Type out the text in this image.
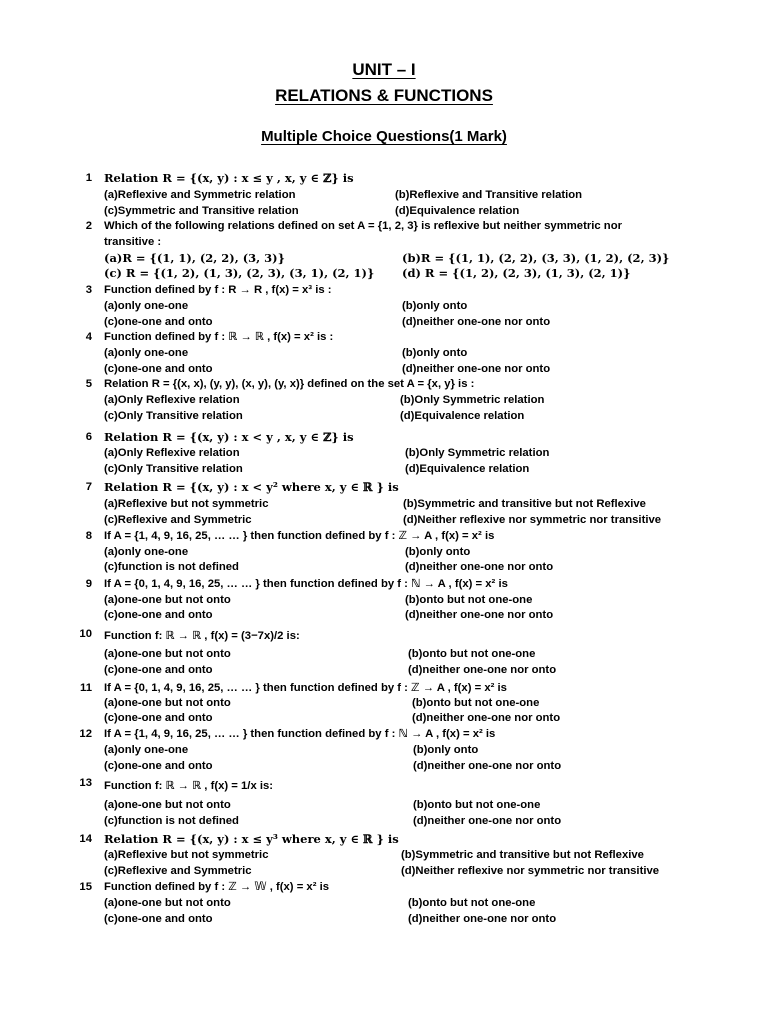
UNIT – I
RELATIONS & FUNCTIONS
Multiple Choice Questions(1 Mark)
1 Relation R = {(x, y) : x ≤ y , x, y ∈ ℤ} is
(a)Reflexive and Symmetric relation	(b)Reflexive and Transitive relation
(c)Symmetric and Transitive relation	(d)Equivalence relation
2 Which of the following relations defined on set A = {1, 2, 3} is reflexive but neither symmetric nor
transitive :
(a)R = {(1, 1), (2, 2), (3, 3)}	(b)R = {(1, 1), (2, 2), (3, 3), (1, 2), (2, 3)}
(c) R = {(1, 2), (1, 3), (2, 3), (3, 1), (2, 1)} (d) R = {(1, 2), (2, 3), (1, 3), (2, 1)}
3 Function defined by f : R → R , f(x) = x³ is :
(a)only one-one	(b)only onto
(c)one-one and onto	(d)neither one-one nor onto
4 Function defined by f : ℝ → ℝ , f(x) = x² is :
(a)only one-one	(b)only onto
(c)one-one and onto	(d)neither one-one nor onto
5 Relation R = {(x, x), (y, y), (x, y), (y, x)} defined on the set A = {x, y} is :
(a)Only Reflexive relation	(b)Only Symmetric relation
(c)Only Transitive relation	(d)Equivalence relation
6 Relation R = {(x, y) : x < y , x, y ∈ ℤ} is
(a)Only Reflexive relation	(b)Only Symmetric relation
(c)Only Transitive relation	(d)Equivalence relation
7 Relation R = {(x, y) : x < y² where x, y ∈ ℝ } is
(a)Reflexive but not symmetric	(b)Symmetric and transitive but not Reflexive
(c)Reflexive and Symmetric	(d)Neither reflexive nor symmetric nor transitive
8 If A = {1, 4, 9, 16, 25, … … } then function defined by f : ℤ → A , f(x) = x² is
(a)only one-one	(b)only onto
(c)function is not defined	(d)neither one-one nor onto
9 If A = {0, 1, 4, 9, 16, 25, … … } then function defined by f : ℕ → A , f(x) = x² is
(a)one-one but not onto	(b)onto but not one-one
(c)one-one and onto	(d)neither one-one nor onto
10 Function f: ℝ → ℝ , f(x) = (3−7x)/2 is:
(a)one-one but not onto	(b)onto but not one-one
(c)one-one and onto	(d)neither one-one nor onto
11 If A = {0, 1, 4, 9, 16, 25, … … } then function defined by f : ℤ → A , f(x) = x² is
(a)one-one but not onto	(b)onto but not one-one
(c)one-one and onto	(d)neither one-one nor onto
12 If A = {1, 4, 9, 16, 25, … … } then function defined by f : ℕ → A , f(x) = x² is
(a)only one-one	(b)only onto
(c)one-one and onto	(d)neither one-one nor onto
13 Function f: ℝ → ℝ , f(x) = 1/x is:
(a)one-one but not onto	(b)onto but not one-one
(c)function is not defined	(d)neither one-one nor onto
14 Relation R = {(x, y) : x ≤ y³ where x, y ∈ ℝ } is
(a)Reflexive but not symmetric	(b)Symmetric and transitive but not Reflexive
(c)Reflexive and Symmetric	(d)Neither reflexive nor symmetric nor transitive
15 Function defined by f : ℤ → 𝕎 , f(x) = x² is
(a)one-one but not onto	(b)onto but not one-one
(c)one-one and onto	(d)neither one-one nor onto
